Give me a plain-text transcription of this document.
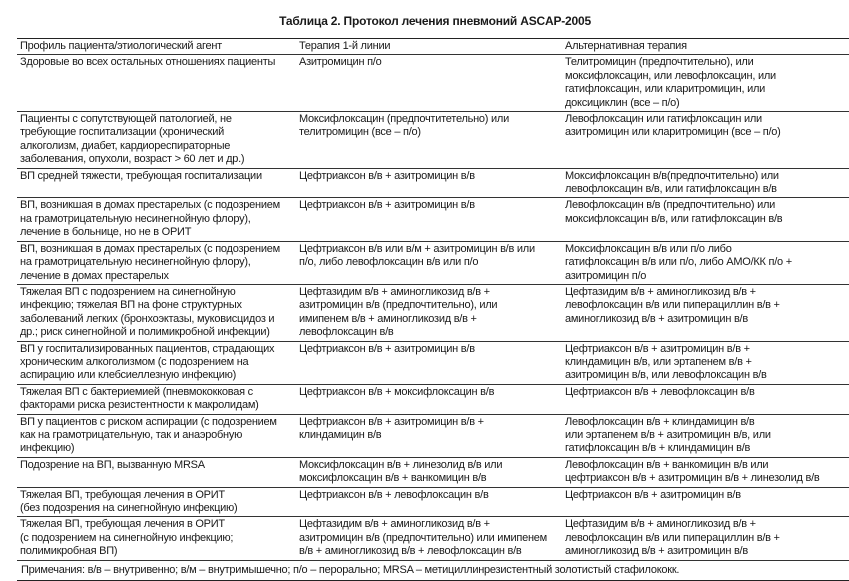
Таблица 2. Протокол лечения пневмоний ASCAP-2005
Профиль пациента/этиологический агент	Терапия 1-й линии	Альтернативная терапия

Здоровые во всех остальных отношениях пациенты	Азитромицин п/о	Телитромицин (предпочтительно), или
моксифлоксацин, или левофлоксацин, или
гатифлоксацин, или кларитромицин, или
доксициклин (все – п/о)

Пациенты с сопутствующей патологией, не
требующие госпитализации (хронический
алкоголизм, диабет, кардиореспираторные
заболевания, опухоли, возраст > 60 лет и др.)	Моксифлоксацин (предпочтитетельно) или
телитромицин (все – п/о)	Левофлоксацин или гатифлоксацин или
азитромицин или кларитромицин (все – п/о)

ВП средней тяжести, требующая госпитализации	Цефтриаксон в/в + азитромицин в/в	Моксифлоксацин в/в(предпочтительно) или
левофлоксацин в/в, или гатифлоксацин в/в

ВП, возникшая в домах престарелых (с подозрением
на грамотрицательную несинегнойную флору),
лечение в больнице, но не в ОРИТ	Цефтриаксон в/в + азитромицин в/в	Левофлоксацин в/в (предпочтительно) или
моксифлоксацин в/в, или гатифлоксацин в/в

ВП, возникшая в домах престарелых (с подозрением
на грамотрицательную несинегнойную флору),
лечение в домах престарелых	Цефтриаксон в/в или в/м + азитромицин в/в или
п/о, либо левофлоксацин в/в или п/о	Моксифлоксацин в/в или п/о либо
гатифлоксацин в/в или п/о, либо АМО/КК п/о +
азитромицин п/о

Тяжелая ВП с подозрением на синегнойную
инфекцию; тяжелая ВП на фоне структурных
заболеваний легких (бронхоэктазы, муковисцидоз и
др.; риск синегнойной и полимикробной инфекции)	Цефтазидим в/в + аминогликозид в/в +
азитромицин в/в (предпочтительно), или
имипенем в/в + аминогликозид в/в +
левофлоксацин в/в	Цефтазидим в/в + аминогликозид в/в +
левофлоксацин в/в или пиперациллин в/в +
аминогликозид в/в + азитромицин в/в

ВП у госпитализированных пациентов, страдающих
хроническим алкоголизмом (с подозрением на
аспирацию или клебсиеллезную инфекцию)	Цефтриаксон в/в + азитромицин в/в	Цефтриаксон в/в + азитромицин в/в +
клиндамицин в/в, или эртапенем в/в +
азитромицин в/в, или левофлоксацин в/в

Тяжелая ВП с бактериемией (пневмококковая с
факторами риска резистентности к макролидам)	Цефтриаксон в/в + моксифлоксацин в/в	Цефтриаксон в/в + левофлоксацин в/в

ВП у пациентов с риском аспирации (с подозрением
как на грамотрицательную, так и анаэробную
инфекцию)	Цефтриаксон в/в + азитромицин в/в +
клиндамицин в/в	Левофлоксацин в/в + клиндамицин в/в
или эртапенем в/в + азитромицин в/в, или
гатифлоксацин в/в + клиндамицин в/в

Подозрение на ВП, вызванную MRSA	Моксифлоксацин в/в + линезолид в/в или
моксифлоксацин в/в + ванкомицин в/в	Левофлоксацин в/в + ванкомицин в/в или
цефтриаксон в/в + азитромицин в/в + линезолид в/в

Тяжелая ВП, требующая лечения в ОРИТ
(без подозрения на синегнойную инфекцию)	Цефтриаксон в/в + левофлоксацин в/в	Цефтриаксон в/в + азитромицин в/в

Тяжелая ВП, требующая лечения в ОРИТ
(с подозрением на синегнойную инфекцию;
полимикробная ВП)	Цефтазидим в/в + аминогликозид в/в +
азитромицин в/в (предпочтительно) или имипенем
в/в + аминогликозид в/в + левофлоксацин в/в	Цефтазидим в/в + аминогликозид в/в +
левофлоксацин в/в или пиперациллин в/в +
аминогликозид в/в + азитромицин в/в

Примечания: в/в – внутривенно; в/м – внутримышечно; п/о – перорально; MRSA – метициллинрезистентный золотистый стафилококк.		
